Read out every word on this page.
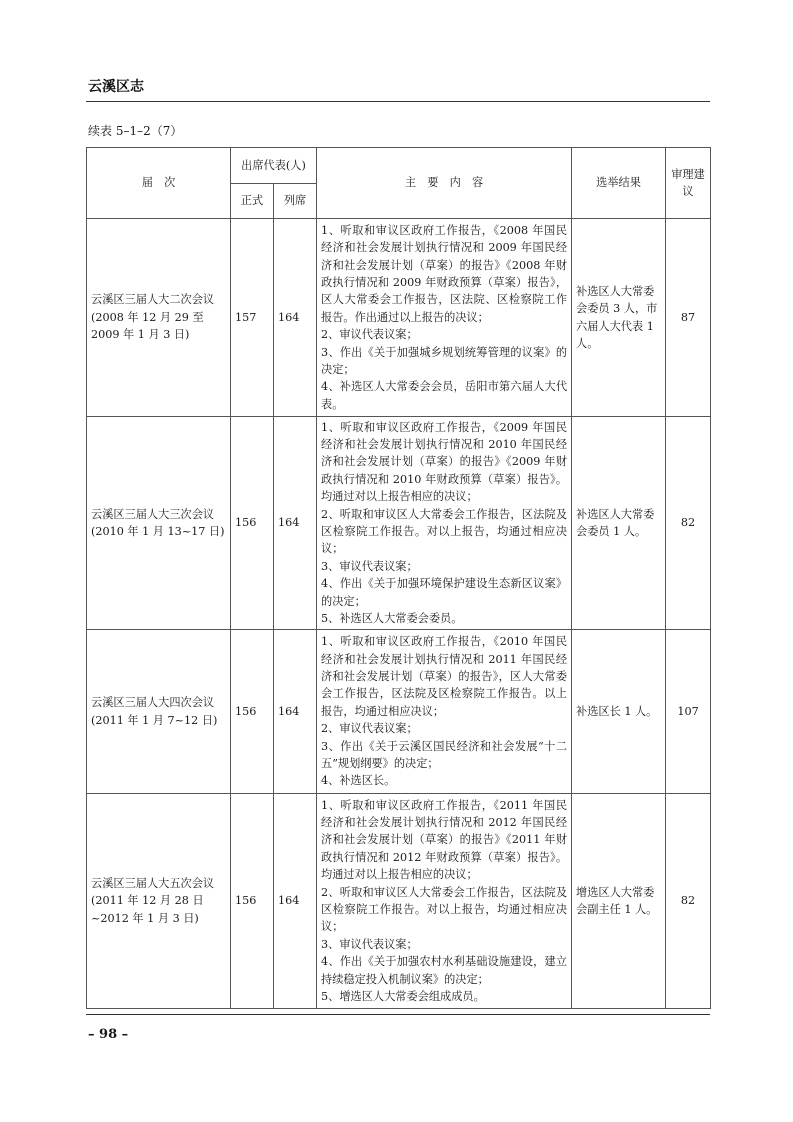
云溪区志
续表 5–1–2（7）
届　次	出席代表(人)		主　要　内　容	选举结果	审理建议
	正式	列席			
云溪区三届人大二次会议(2008 年 12 月 29 至 2009 年 1 月 3 日)	157	164	1、听取和审议区政府工作报告，《2008 年国民经济和社会发展计划执行情况和 2009 年国民经济和社会发展计划（草案）的报告》《2008 年财政执行情况和 2009 年财政预算（草案）报告》，区人大常委会工作报告，区法院、区检察院工作报告。作出通过以上报告的决议；

2、审议代表议案；

3、作出《关于加强城乡规划统筹管理的议案》的决定；

4、补选区人大常委会会员，岳阳市第六届人大代表。	补选区人大常委会委员 3 人，市六届人大代表 1 人。	87
云溪区三届人大三次会议(2010 年 1 月 13~17 日)	156	164	1、听取和审议区政府工作报告，《2009 年国民经济和社会发展计划执行情况和 2010 年国民经济和社会发展计划（草案）的报告》《2009 年财政执行情况和 2010 年财政预算（草案）报告》。均通过对以上报告相应的决议；

2、听取和审议区人大常委会工作报告，区法院及区检察院工作报告。对以上报告，均通过相应决议；

3、审议代表议案；

4、作出《关于加强环境保护建设生态新区议案》的决定；

5、补选区人大常委会委员。	补选区人大常委会委员 1 人。	82
云溪区三届人大四次会议(2011 年 1 月 7~12 日)	156	164	1、听取和审议区政府工作报告，《2010 年国民经济和社会发展计划执行情况和 2011 年国民经济和社会发展计划（草案）的报告》，区人大常委会工作报告，区法院及区检察院工作报告。以上报告，均通过相应决议；

2、审议代表议案；

3、作出《关于云溪区国民经济和社会发展“十二五”规划纲要》的决定；

4、补选区长。	补选区长 1 人。	107
云溪区三届人大五次会议(2011 年 12 月 28 日~2012 年 1 月 3 日)	156	164	1、听取和审议区政府工作报告，《2011 年国民经济和社会发展计划执行情况和 2012 年国民经济和社会发展计划（草案）的报告》《2011 年财政执行情况和 2012 年财政预算（草案）报告》。均通过对以上报告相应的决议；

2、听取和审议区人大常委会工作报告，区法院及区检察院工作报告。对以上报告，均通过相应决议；

3、审议代表议案；

4、作出《关于加强农村水利基础设施建设，建立持续稳定投入机制议案》的决定；

5、增选区人大常委会组成成员。	增选区人大常委会副主任 1 人。	82
– 98 –
